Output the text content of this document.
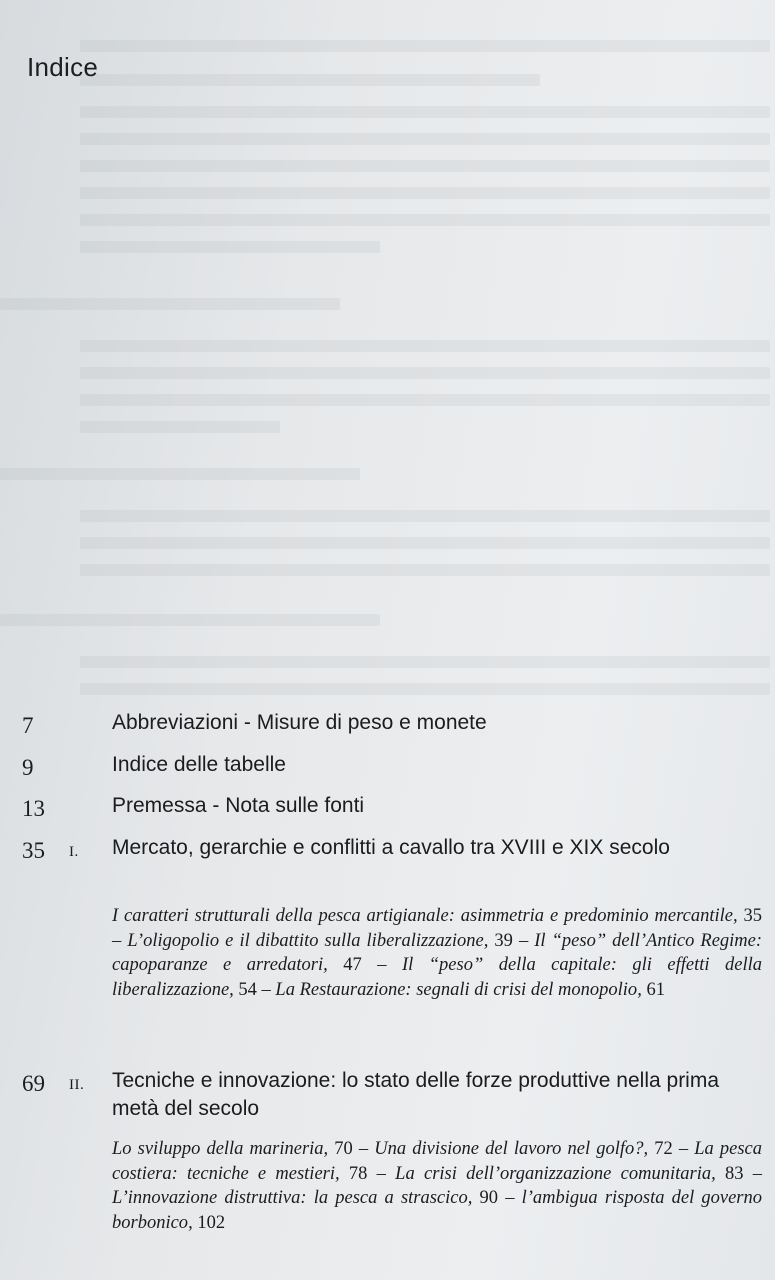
Indice
7	Abbreviazioni - Misure di peso e monete
9	Indice delle tabelle
13	Premessa - Nota sulle fonti
35 I. Mercato, gerarchie e conflitti a cavallo tra XVIII e XIX secolo

I caratteri strutturali della pesca artigianale: asimmetria e predominio mercantile, 35 – L’oligopolio e il dibattito sulla liberalizzazione, 39 – Il “peso” dell’Antico Regime: capoparanze e arredatori, 47 – Il “peso” della capitale: gli effetti della liberalizzazione, 54 – La Restaurazione: segnali di crisi del monopolio, 61

69 II. Tecniche e innovazione: lo stato delle forze produttive nella prima metà del secolo

Lo sviluppo della marineria, 70 – Una divisione del lavoro nel golfo?, 72 – La pesca costiera: tecniche e mestieri, 78 – La crisi dell’organizzazione comunitaria, 83 – L’innovazione distruttiva: la pesca a strascico, 90 – l’ambigua risposta del governo borbonico, 102
